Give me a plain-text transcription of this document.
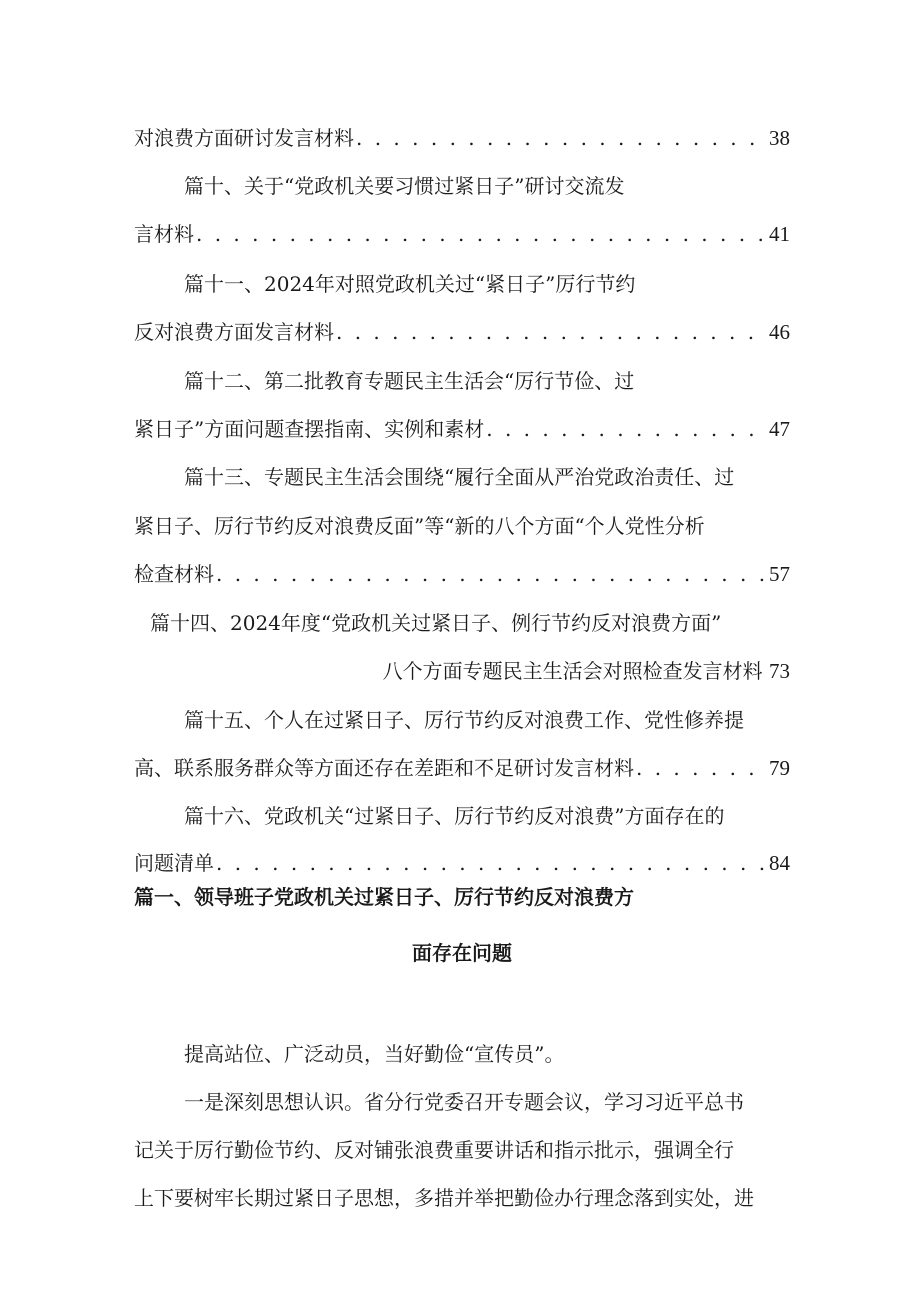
对浪费方面研讨发言材料 . . .	38
篇十、关于“党政机关要习惯过紧日子”研讨交流发
言材料 . . .	41
篇十一、2024年对照党政机关过“紧日子”厉行节约
反对浪费方面发言材料 . . .	46
篇十二、第二批教育专题民主生活会“厉行节俭、过
紧日子”方面问题查摆指南、实例和素材 . . .	47
篇十三、专题民主生活会围绕“履行全面从严治党政治责任、过
紧日子、厉行节约反对浪费反面”等“新的八个方面“个人党性分析
检查材料 . . .	57
篇十四、2024年度“党政机关过紧日子、例行节约反对浪费方面”
八个方面专题民主生活会对照检查发言材料 73
篇十五、个人在过紧日子、厉行节约反对浪费工作、党性修养提
高、联系服务群众等方面还存在差距和不足研讨发言材料 . . .	79
篇十六、党政机关“过紧日子、厉行节约反对浪费”方面存在的
问题清单 . . .	84
篇一、领导班子党政机关过紧日子、厉行节约反对浪费方
面存在问题
提高站位、广泛动员，当好勤俭“宣传员”。
一是深刻思想认识。省分行党委召开专题会议，学习习近平总书
记关于厉行勤俭节约、反对铺张浪费重要讲话和指示批示，强调全行
上下要树牢长期过紧日子思想，多措并举把勤俭办行理念落到实处，进
